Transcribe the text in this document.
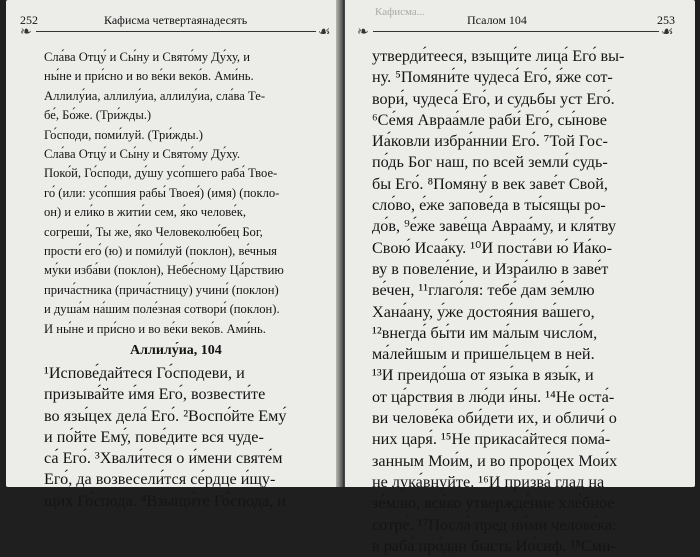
252	Кафисма четвертаянадесять
❧	☙

Сла́ва Отцу́ и Сы́ну и Свято́му Ду́ху, и

ны́не и при́сно и во ве́ки веко́в. Ами́нь.

Аллилу́иа, аллилу́иа, аллилу́иа, сла́ва Те-

бе́, Бо́же. (Три́жды.)

Го́споди, поми́луй. (Три́жды.)

Сла́ва Отцу́ и Сы́ну и Свято́му Ду́ху.

Поко́й, Го́споди, ду́шу усо́пшего раба́ Твое-

го́ (или: усо́пшия рабы́ Твоея́) (имя) (покло-

он) и ели́ко в жити́и сем, я́ко челове́к,

согреши́, Ты же, я́ко Человеколю́бец Бог,

прости́ его́ (ю) и поми́луй (поклон), ве́чныя

му́ки изба́ви (поклон), Небе́сному Ца́рствию

прича́стника (прича́стницу) учини́ (поклон)

и душа́м на́шим поле́зная сотвори́ (поклон).

И ны́не и при́сно и во ве́ки веко́в. Ами́нь.

Аллилу́иа, 104

¹Испове́дайтеся Го́сподеви, и

призыва́йте и́мя Его́, возвести́те

во язы́цех дела́ Его́. ²Воспо́йте Ему́

и по́йте Ему́, пове́дите вся чуде-

са́ Его́. ³Хвали́теся о и́мени святе́м

Его́, да возвесели́тся се́рдце и́щу-

щих Го́спода. ⁴Взыщи́те Го́спода, и

Кафисма...
Псалом 104	253
❧	☙

утверди́тееся, взыщи́те лица́ Его́ вы-

ну. ⁵Помяни́те чудеса́ Его́, я́же сот-

вори́, чудеса́ Его́, и судьбы уст Его́.

⁶Се́мя Авраа́мле раби́ Его́, сы́нове

Иа́ковли избра́ннии Его́. ⁷Той Гос-

по́дь Бог наш, по всей земли́ судь-

бы Его́. ⁸Помяну́ в век заве́т Свой,

сло́во, е́же запове́да в ты́сящы ро-

до́в, ⁹е́же заве́ща Авраа́му, и кля́тву

Свою́ Исаа́ку. ¹⁰И поста́ви ю́ Иа́ко-

ву в повеле́ние, и Изра́илю в заве́т

ве́чен, ¹¹глаго́ля: тебе́ дам зе́млю

Хана́ану, у́же достоя́ния ва́шего,

¹²внегда́ бы́ти им ма́лым число́м,

ма́лейшым и прише́льцем в ней.

¹³И преидо́ша от язы́ка в язы́к, и

от ца́рствия в лю́ди и́ны. ¹⁴Не оста́-

ви челове́ка оби́дети их, и обличи́ о

них царя́. ¹⁵Не прикаса́йтеся пома́-

занным Мои́м, и во проро́цех Мои́х

не лука́внуйте. ¹⁶И призва́ глад на

зе́млю, вся́ко утвержде́ние хле́бное

сотре́. ¹⁷Посла́ пред ни́ми челове́ка:

в раба́ про́дан бысть Ио́сиф. ¹⁸Сми-
